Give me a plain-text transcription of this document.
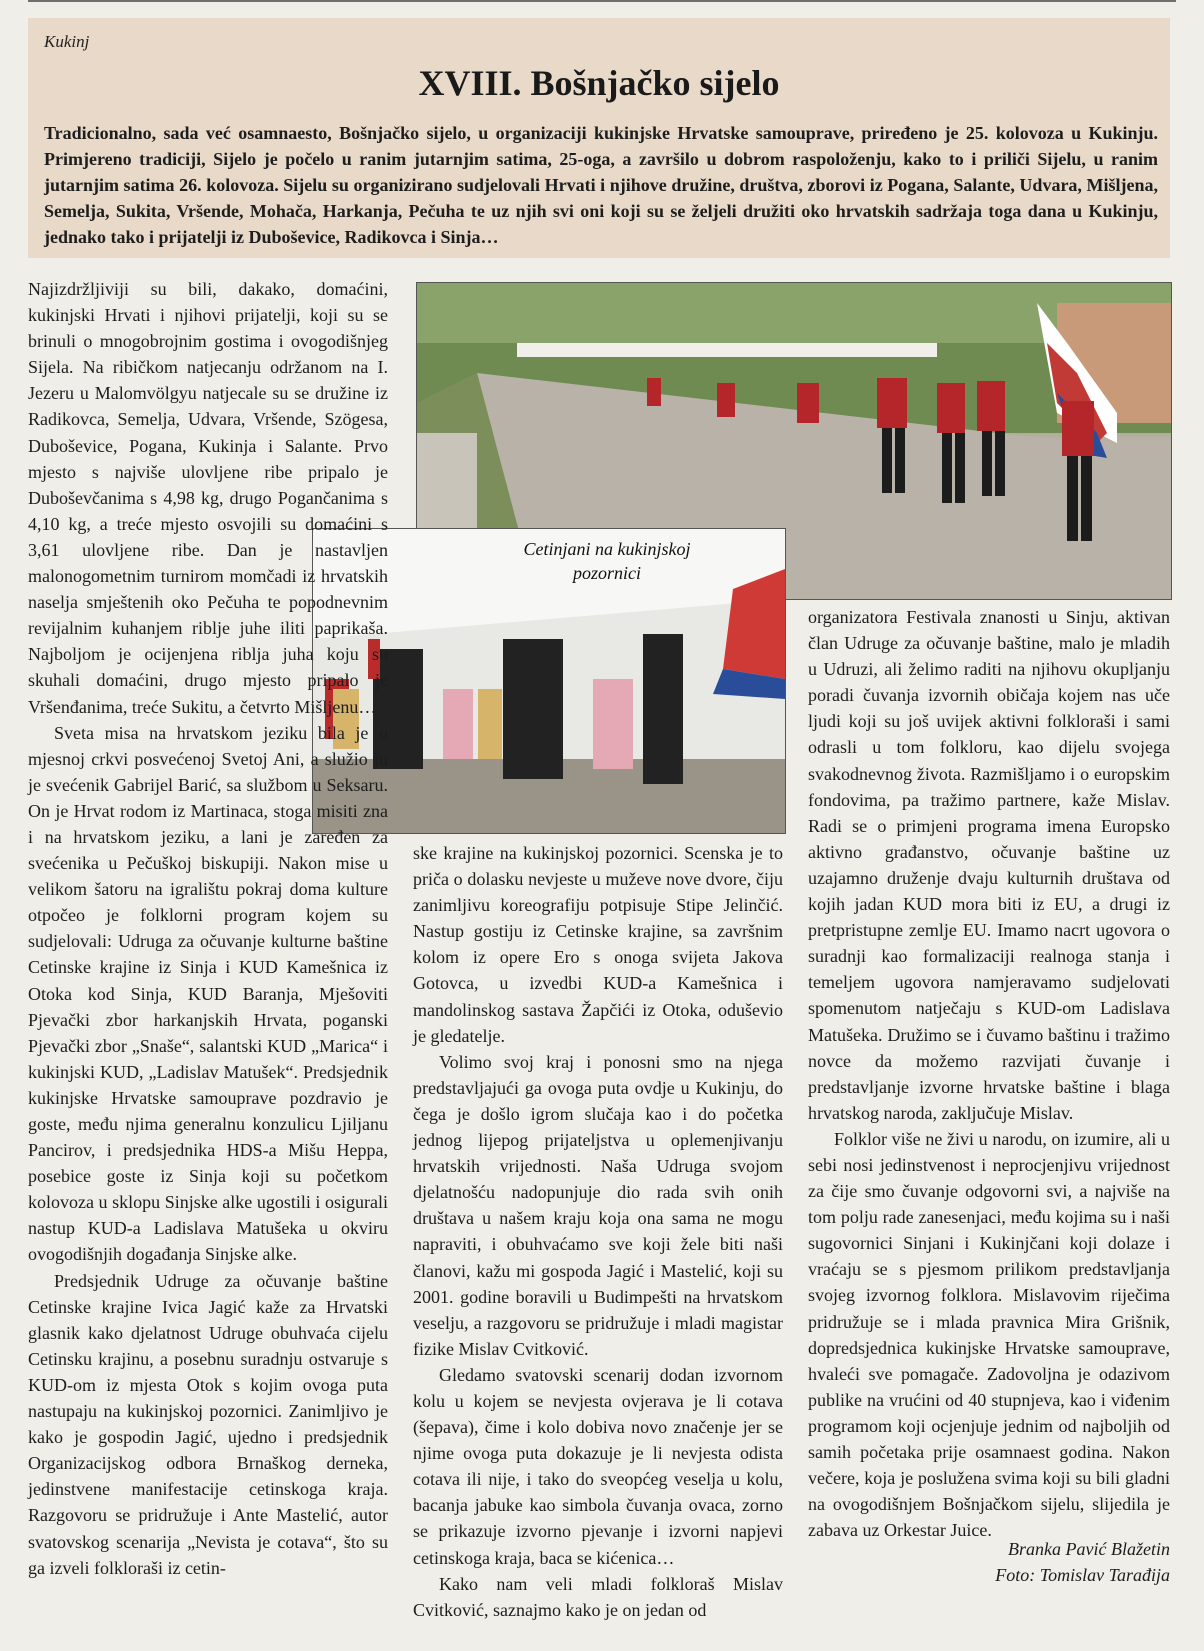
Kukinj
XVIII. Bošnjačko sijelo

Tradicionalno, sada već osamnaesto, Bošnjačko sijelo, u organizaciji kukinjske Hrvatske samouprave, priređeno je 25. kolovoza u Kukinju. Primjereno tradiciji, Sijelo je počelo u ranim jutarnjim satima, 25-oga, a završilo u dobrom raspoloženju, kako to i priliči Sijelu, u ranim jutarnjim satima 26. kolovoza. Sijelu su organizirano sudjelovali Hrvati i njihove družine, društva, zborovi iz Pogana, Salante, Udvara, Mišljena, Semelja, Sukita, Vršende, Mohača, Harkanja, Pečuha te uz njih svi oni koji su se željeli družiti oko hrvatskih sadržaja toga dana u Kukinju, jednako tako i prijatelji iz Duboševice, Radikovca i Sinja…

Cetinjani na kukinjskoj pozornici

Najizdržljiviji su bili, dakako, domaćini, kukinjski Hrvati i njihovi prijatelji, koji su se brinuli o mnogobrojnim gostima i ovogodišnjeg Sijela. Na ribičkom natjecanju održanom na I. Jezeru u Malomvölgyu natjecale su se družine iz Radikovca, Semelja, Udvara, Vršende, Szögesa, Duboševice, Pogana, Kukinja i Salante. Prvo mjesto s najviše ulovljene ribe pripalo je Duboševčanima s 4,98 kg, drugo Pogančanima s 4,10 kg, a treće mjesto osvojili su domaćini s 3,61 ulovljene ribe. Dan je nastavljen malonogometnim turnirom momčadi iz hrvatskih naselja smještenih oko Pečuha te popodnevnim revijalnim kuhanjem riblje juhe iliti paprikaša. Najboljom je ocijenjena riblja juha koju su skuhali domaćini, drugo mjesto pripalo je Vršenđanima, treće Sukitu, a četvrto Mišljenu…

Sveta misa na hrvatskom jeziku bila je u mjesnoj crkvi posvećenoj Svetoj Ani, a služio ju je svećenik Gabrijel Barić, sa službom u Seksaru. On je Hrvat rodom iz Martinaca, stoga misiti zna i na hrvatskom jeziku, a lani je zaređen za svećenika u Pečuškoj biskupiji. Nakon mise u velikom šatoru na igralištu pokraj doma kulture otpočeo je folklorni program kojem su sudjelovali: Udruga za očuvanje kulturne baštine Cetinske krajine iz Sinja i KUD Kamešnica iz Otoka kod Sinja, KUD Baranja, Mješoviti Pjevački zbor harkanjskih Hrvata, poganski Pjevački zbor „Snaše“, salantski KUD „Marica“ i kukinjski KUD, „Ladislav Matušek“. Predsjednik kukinjske Hrvatske samouprave pozdravio je goste, među njima generalnu konzulicu Ljiljanu Pancirov, i predsjednika HDS-a Mišu Heppa, posebice goste iz Sinja koji su početkom kolovoza u sklopu Sinjske alke ugostili i osigurali nastup KUD-a Ladislava Matušeka u okviru ovogodišnjih događanja Sinjske alke.

Predsjednik Udruge za očuvanje baštine Cetinske krajine Ivica Jagić kaže za Hrvatski glasnik kako djelatnost Udruge obuhvaća cijelu Cetinsku krajinu, a posebnu suradnju ostvaruje s KUD-om iz mjesta Otok s kojim ovoga puta nastupaju na kukinjskoj pozornici. Zanimljivo je kako je gospodin Jagić, ujedno i predsjednik Organizacijskog odbora Brnaškog derneka, jedinstvene manifestacije cetinskoga kraja. Razgovoru se pridružuje i Ante Mastelić, autor svatovskog scenarija „Nevista je cotava“, što su ga izveli folkloraši iz cetin-

ske krajine na kukinjskoj pozornici. Scenska je to priča o dolasku nevjeste u muževe nove dvore, čiju zanimljivu koreografiju potpisuje Stipe Jelinčić. Nastup gostiju iz Cetinske krajine, sa završnim kolom iz opere Ero s onoga svijeta Jakova Gotovca, u izvedbi KUD-a Kamešnica i mandolinskog sastava Žapčići iz Otoka, oduševio je gledatelje.

Volimo svoj kraj i ponosni smo na njega predstavljajući ga ovoga puta ovdje u Kukinju, do čega je došlo igrom slučaja kao i do početka jednog lijepog prijateljstva u oplemenjivanju hrvatskih vrijednosti. Naša Udruga svojom djelatnošću nadopunjuje dio rada svih onih društava u našem kraju koja ona sama ne mogu napraviti, i obuhvaćamo sve koji žele biti naši članovi, kažu mi gospoda Jagić i Mastelić, koji su 2001. godine boravili u Budimpešti na hrvatskom veselju, a razgovoru se pridružuje i mladi magistar fizike Mislav Cvitković.

Gledamo svatovski scenarij dodan izvornom kolu u kojem se nevjesta ovjerava je li cotava (šepava), čime i kolo dobiva novo značenje jer se njime ovoga puta dokazuje je li nevjesta odista cotava ili nije, i tako do sveopćeg veselja u kolu, bacanja jabuke kao simbola čuvanja ovaca, zorno se prikazuje izvorno pjevanje i izvorni napjevi cetinskoga kraja, baca se kićenica…

Kako nam veli mladi folkloraš Mislav Cvitković, saznajmo kako je on jedan od

organizatora Festivala znanosti u Sinju, aktivan član Udruge za očuvanje baštine, malo je mladih u Udruzi, ali želimo raditi na njihovu okupljanju poradi čuvanja izvornih običaja kojem nas uče ljudi koji su još uvijek aktivni folkloraši i sami odrasli u tom folkloru, kao dijelu svojega svakodnevnog života. Razmišljamo i o europskim fondovima, pa tražimo partnere, kaže Mislav. Radi se o primjeni programa imena Europsko aktivno građanstvo, očuvanje baštine uz uzajamno druženje dvaju kulturnih društava od kojih jadan KUD mora biti iz EU, a drugi iz pretpristupne zemlje EU. Imamo nacrt ugovora o suradnji kao formalizaciji realnoga stanja i temeljem ugovora namjeravamo sudjelovati spomenutom natječaju s KUD-om Ladislava Matušeka. Družimo se i čuvamo baštinu i tražimo novce da možemo razvijati čuvanje i predstavljanje izvorne hrvatske baštine i blaga hrvatskog naroda, zaključuje Mislav.

Folklor više ne živi u narodu, on izumire, ali u sebi nosi jedinstvenost i neprocjenjivu vrijednost za čije smo čuvanje odgovorni svi, a najviše na tom polju rade zanesenjaci, među kojima su i naši sugovornici Sinjani i Kukinjčani koji dolaze i vraćaju se s pjesmom prilikom predstavljanja svojeg izvornog folklora. Mislavovim riječima pridružuje se i mlada pravnica Mira Grišnik, dopredsjednica kukinjske Hrvatske samouprave, hvaleći sve pomagače. Zadovoljna je odazivom publike na vrućini od 40 stupnjeva, kao i viđenim programom koji ocjenjuje jednim od najboljih od samih početaka prije osamnaest godina. Nakon večere, koja je poslužena svima koji su bili gladni na ovogodišnjem Bošnjačkom sijelu, slijedila je zabava uz Orkestar Juice.

Branka Pavić Blažetin
Foto: Tomislav Tarađija
